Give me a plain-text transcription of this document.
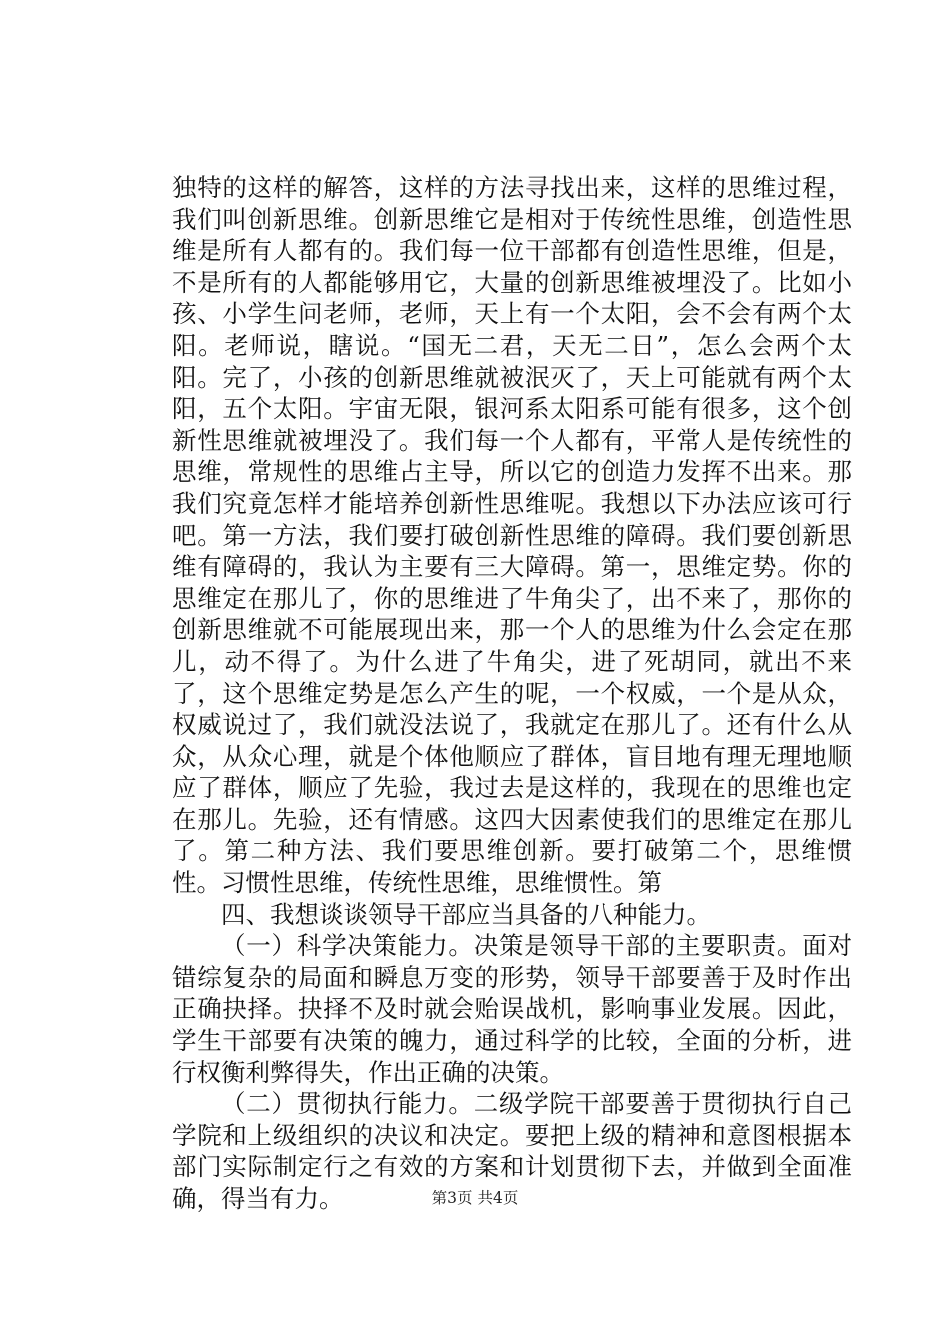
独特的这样的解答，这样的方法寻找出来，这样的思维过程，我们叫创新思维。创新思维它是相对于传统性思维，创造性思维是所有人都有的。我们每一位干部都有创造性思维，但是，不是所有的人都能够用它，大量的创新思维被埋没了。比如小孩、小学生问老师，老师，天上有一个太阳，会不会有两个太阳。老师说，瞎说。“国无二君，天无二日”，怎么会两个太阳。完了，小孩的创新思维就被泯灭了，天上可能就有两个太阳，五个太阳。宇宙无限，银河系太阳系可能有很多，这个创新性思维就被埋没了。我们每一个人都有，平常人是传统性的思维，常规性的思维占主导，所以它的创造力发挥不出来。那我们究竟怎样才能培养创新性思维呢。我想以下办法应该可行吧。第一方法，我们要打破创新性思维的障碍。我们要创新思维有障碍的，我认为主要有三大障碍。第一，思维定势。你的思维定在那儿了，你的思维进了牛角尖了，出不来了，那你的创新思维就不可能展现出来，那一个人的思维为什么会定在那儿，动不得了。为什么进了牛角尖，进了死胡同，就出不来了，这个思维定势是怎么产生的呢，一个权威，一个是从众，权威说过了，我们就没法说了，我就定在那儿了。还有什么从众，从众心理，就是个体他顺应了群体，盲目地有理无理地顺应了群体，顺应了先验，我过去是这样的，我现在的思维也定在那儿。先验，还有情感。这四大因素使我们的思维定在那儿了。第二种方法、我们要思维创新。要打破第二个，思维惯性。习惯性思维，传统性思维，思维惯性。第

四、我想谈谈领导干部应当具备的八种能力。

（一）科学决策能力。决策是领导干部的主要职责。面对错综复杂的局面和瞬息万变的形势，领导干部要善于及时作出正确抉择。抉择不及时就会贻误战机，影响事业发展。因此，学生干部要有决策的魄力，通过科学的比较，全面的分析，进行权衡利弊得失，作出正确的决策。

（二）贯彻执行能力。二级学院干部要善于贯彻执行自己学院和上级组织的决议和决定。要把上级的精神和意图根据本部门实际制定行之有效的方案和计划贯彻下去，并做到全面准确，得当有力。	第3页 共4页
